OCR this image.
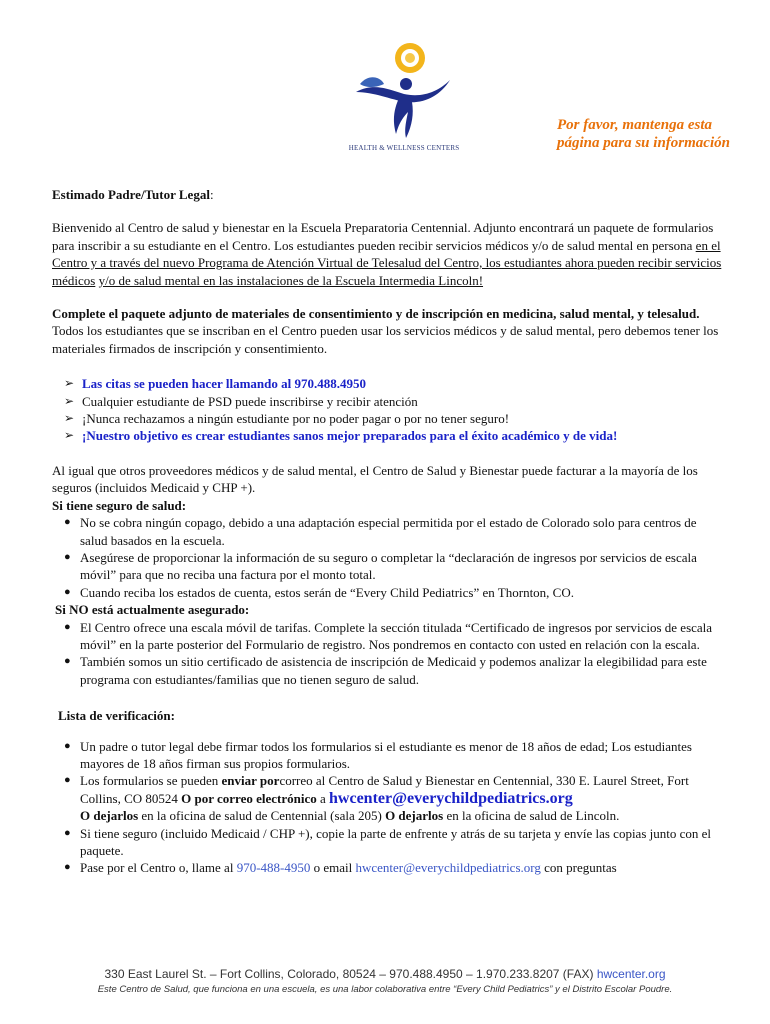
HEALTH & WELLNESS CENTERS
Por favor, mantenga esta página para su información

Estimado Padre/Tutor Legal:

Bienvenido al Centro de salud y bienestar en la Escuela Preparatoria Centennial. Adjunto encontrará un paquete de formularios para inscribir a su estudiante en el Centro. Los estudiantes pueden recibir servicios médicos y/o de salud mental en persona en el Centro y a través del nuevo Programa de Atención Virtual de Telesalud del Centro, los estudiantes ahora pueden recibir servicios médicos y/o de salud mental en las instalaciones de la Escuela Intermedia Lincoln!

Complete el paquete adjunto de materiales de consentimiento y de inscripción en medicina, salud mental, y telesalud. Todos los estudiantes que se inscriban en el Centro pueden usar los servicios médicos y de salud mental, pero debemos tener los materiales firmados de inscripción y consentimiento.

➢ Las citas se pueden hacer llamando al 970.488.4950
➢ Cualquier estudiante de PSD puede inscribirse y recibir atención
➢ ¡Nunca rechazamos a ningún estudiante por no poder pagar o por no tener seguro!
➢ ¡Nuestro objetivo es crear estudiantes sanos mejor preparados para el éxito académico y de vida!

Al igual que otros proveedores médicos y de salud mental, el Centro de Salud y Bienestar puede facturar a la mayoría de los seguros (incluidos Medicaid y CHP +).

Si tiene seguro de salud:

● No se cobra ningún copago, debido a una adaptación especial permitida por el estado de Colorado solo para centros de salud basados en la escuela.
● Asegúrese de proporcionar la información de su seguro o completar la “declaración de ingresos por servicios de escala móvil” para que no reciba una factura por el monto total.
● Cuando reciba los estados de cuenta, estos serán de “Every Child Pediatrics” en Thornton, CO.

Si NO está actualmente asegurado:

● El Centro ofrece una escala móvil de tarifas. Complete la sección titulada “Certificado de ingresos por servicios de escala móvil” en la parte posterior del Formulario de registro. Nos pondremos en contacto con usted en relación con la escala.
● También somos un sitio certificado de asistencia de inscripción de Medicaid y podemos analizar la elegibilidad para este programa con estudiantes/familias que no tienen seguro de salud.

Lista de verificación:

● Un padre o tutor legal debe firmar todos los formularios si el estudiante es menor de 18 años de edad; Los estudiantes mayores de 18 años firman sus propios formularios.
● Los formularios se pueden enviar porcorreo al Centro de Salud y Bienestar en Centennial, 330 E. Laurel Street, Fort Collins, CO 80524 O por correo electrónico a hwcenter@everychildpediatrics.org
O dejarlos en la oficina de salud de Centennial (sala 205) O dejarlos en la oficina de salud de Lincoln.
● Si tiene seguro (incluido Medicaid / CHP +), copie la parte de enfrente y atrás de su tarjeta y envíe las copias junto con el paquete.
● Pase por el Centro o, llame al 970-488-4950 o email hwcenter@everychildpediatrics.org con preguntas
330 East Laurel St. – Fort Collins, Colorado, 80524 – 970.488.4950 – 1.970.233.8207 (FAX) hwcenter.org
Este Centro de Salud, que funciona en una escuela, es una labor colaborativa entre “Every Child Pediatrics” y el Distrito Escolar Poudre.
